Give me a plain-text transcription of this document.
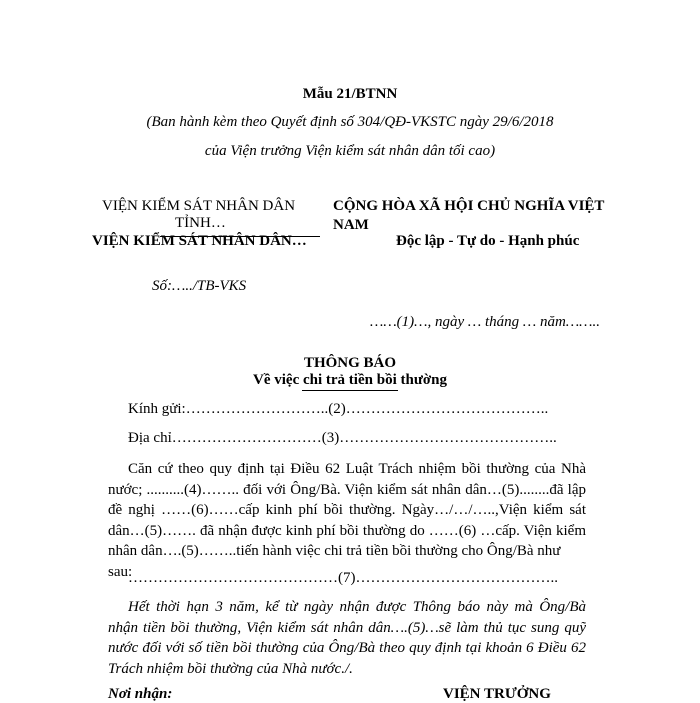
Mẫu 21/BTNN
(Ban hành kèm theo Quyết định số 304/QĐ-VKSTC ngày 29/6/2018
của Viện trưởng Viện kiểm sát nhân dân tối cao)
VIỆN KIỂM SÁT NHÂN DÂN
TỈNH…
VIỆN KIỂM SÁT NHÂN DÂN…
CỘNG HÒA XÃ HỘI CHỦ NGHĨA VIỆT
NAM
Độc lập - Tự do - Hạnh phúc
Số:…../TB-VKS
……(1)…, ngày … tháng … năm……..
THÔNG BÁO
Về việc chi trả tiền bồi thường
Kính gửi:………………………..(2)…………………………………..
Địa chỉ…………………………(3)……………………………………..
Căn cứ theo quy định tại Điều 62 Luật Trách nhiệm bồi thường của Nhà
nước; ..........(4)…….. đối với Ông/Bà. Viện kiểm sát nhân dân…(5)........đã lập
đề nghị ……(6)……cấp kinh phí bồi thường. Ngày…/…/…..,Viện kiểm sát
dân…(5)……. đã nhận được kinh phí bồi thường do ……(6) …cấp. Viện kiểm
nhân dân….(5)……..tiến hành việc chi trả tiền bồi thường cho Ông/Bà như sau:
……………………………………(7)…………………………………..
Hết thời hạn 3 năm, kể từ ngày nhận được Thông báo này mà Ông/Bà
nhận tiền bồi thường, Viện kiểm sát nhân dân….(5)…sẽ làm thủ tục sung quỹ
nước đối với số tiền bồi thường của Ông/Bà theo quy định tại khoản 6 Điều 62
Trách nhiệm bồi thường của Nhà nước./.
Nơi nhận:	VIỆN TRƯỞNG
